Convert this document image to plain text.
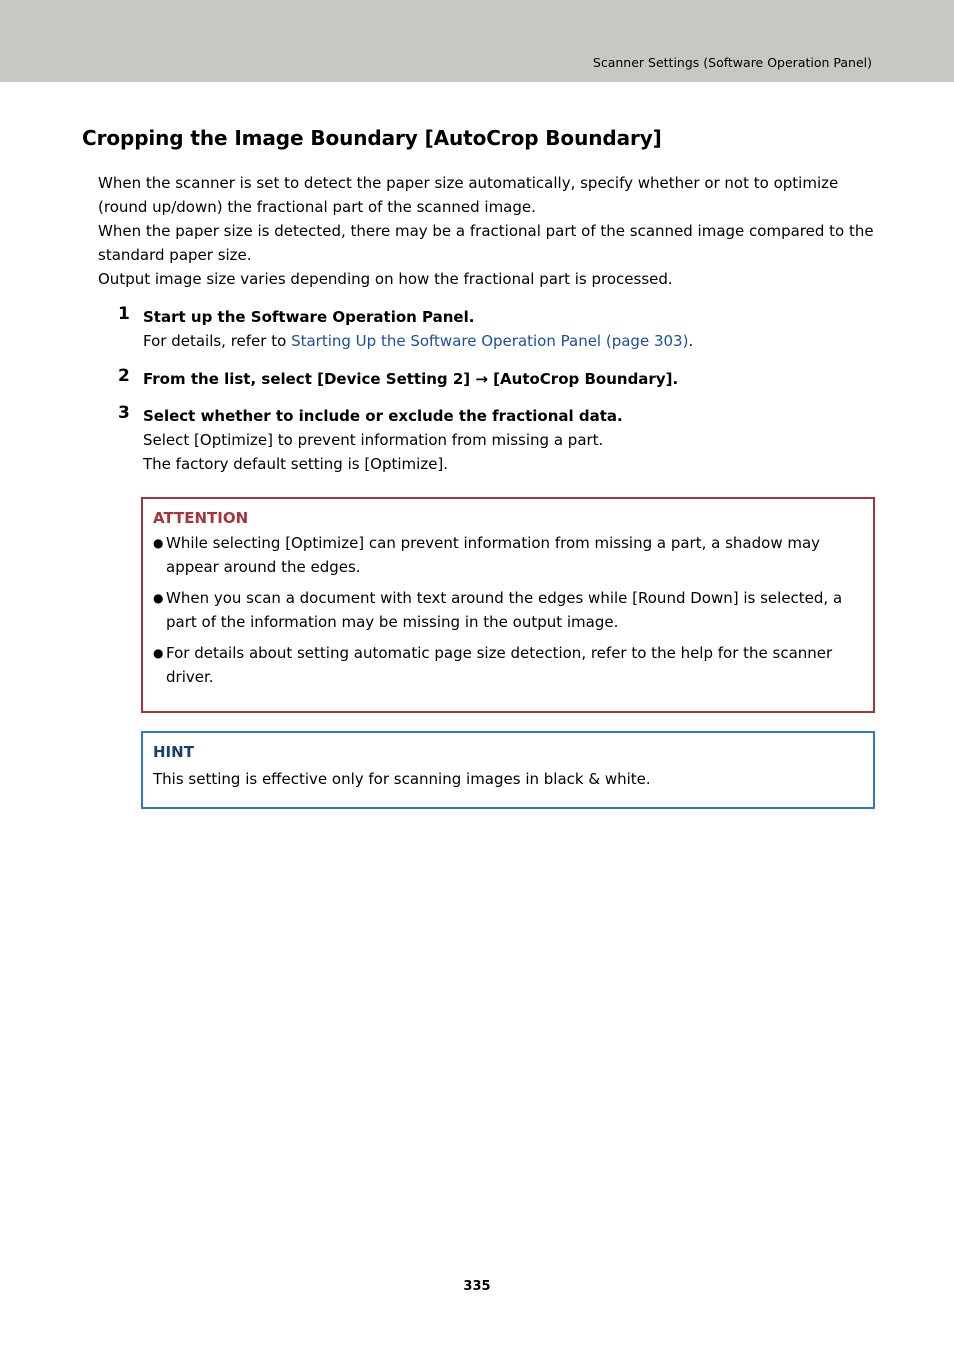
Scanner Settings (Software Operation Panel)
Cropping the Image Boundary [AutoCrop Boundary]

When the scanner is set to detect the paper size automatically, specify whether or not to optimize (round up/down) the fractional part of the scanned image.

When the paper size is detected, there may be a fractional part of the scanned image compared to the standard paper size.

Output image size varies depending on how the fractional part is processed.

1 Start up the Software Operation Panel.

For details, refer to Starting Up the Software Operation Panel (page 303).

2 From the list, select [Device Setting 2] → [AutoCrop Boundary].

3 Select whether to include or exclude the fractional data.

Select [Optimize] to prevent information from missing a part.

The factory default setting is [Optimize].

ATTENTION

● While selecting [Optimize] can prevent information from missing a part, a shadow may appear around the edges.
● When you scan a document with text around the edges while [Round Down] is selected, a part of the information may be missing in the output image.
● For details about setting automatic page size detection, refer to the help for the scanner driver.

HINT

This setting is effective only for scanning images in black & white.

335
